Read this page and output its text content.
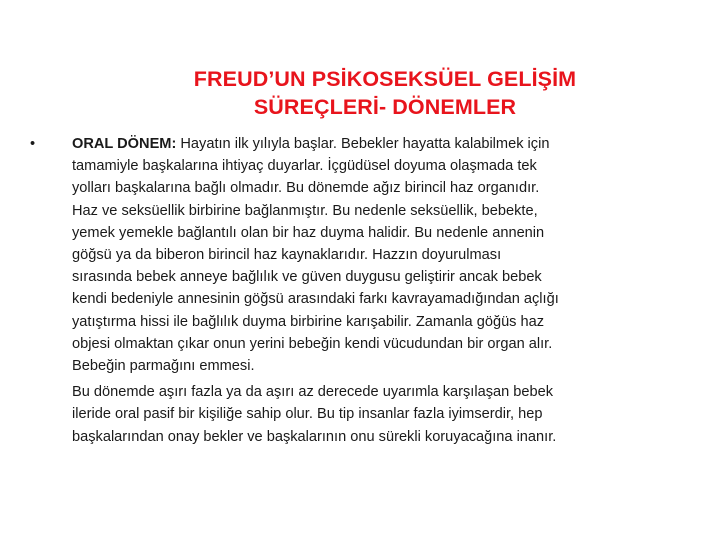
FREUD’UN PSİKOSEKSÜEL GELİŞİM
SÜREÇLERİ- DÖNEMLER
•	ORAL DÖNEM: Hayatın ilk yılıyla başlar. Bebekler hayatta kalabilmek için
tamamiyle başkalarına ihtiyaç duyarlar. İçgüdüsel doyuma olaşmada tek
yolları başkalarına bağlı olmadır. Bu dönemde ağız birincil haz organıdır.
Haz ve seksüellik birbirine bağlanmıştır. Bu nedenle seksüellik, bebekte,
yemek yemekle bağlantılı olan bir haz duyma halidir. Bu nedenle annenin
göğsü ya da biberon birincil haz kaynaklarıdır. Hazzın doyurulması
sırasında bebek anneye bağlılık ve güven duygusu geliştirir ancak bebek
kendi bedeniyle annesinin göğsü arasındaki farkı kavrayamadığından açlığı
yatıştırma hissi ile bağlılık duyma birbirine karışabilir. Zamanla göğüs haz
objesi olmaktan çıkar onun yerini bebeğin kendi vücudundan bir organ alır.
Bebeğin parmağını emmesi.
Bu dönemde aşırı fazla ya da aşırı az derecede uyarımla karşılaşan bebek
ileride oral pasif bir kişiliğe sahip olur. Bu tip insanlar fazla iyimserdir, hep
başkalarından onay bekler ve başkalarının onu sürekli koruyacağına inanır.
